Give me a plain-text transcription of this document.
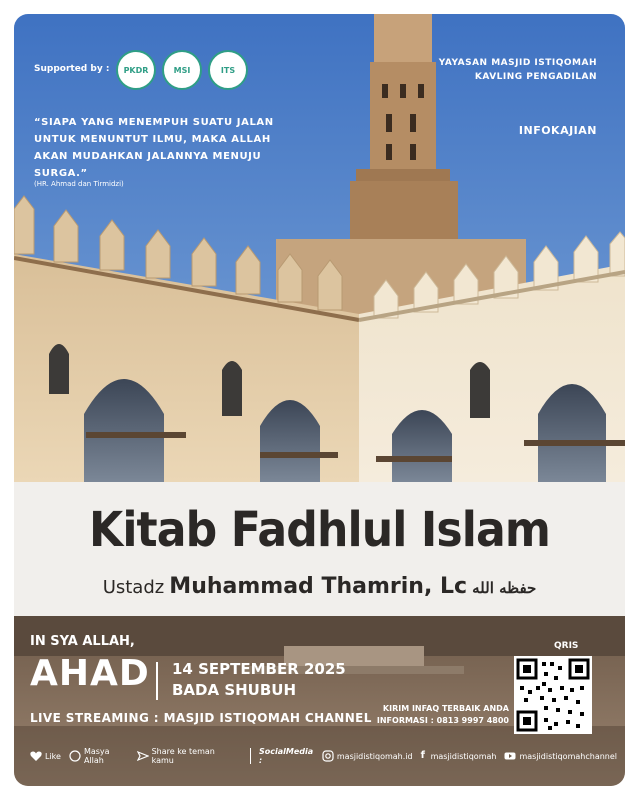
Supported by : PKDR	MSI	ITS
YAYASAN MASJID ISTIQOMAH
KAVLING PENGADILAN
“SIAPA YANG MENEMPUH SUATU JALAN UNTUK MENUNTUT ILMU, MAKA ALLAH AKAN MUDAHKAN JALANNYA MENUJU SURGA.”
(HR. Ahmad dan Tirmidzi)
INFOKAJIAN
Kitab Fadhlul Islam
Ustadz Muhammad Thamrin, Lc حفظه الله
IN SYA ALLAH,
AHAD 14 SEPTEMBER 2025
BADA SHUBUH
LIVE STREAMING : MASJID ISTIQOMAH CHANNEL
KIRIM INFAQ TERBAIK ANDA
INFORMASI : 0813 9997 4800
QRIS
Like	Masya Allah
Share ke teman kamu
SocialMedia :	masjidistiqomah.id f masjidistiqomah	masjidistiqomahchannel
